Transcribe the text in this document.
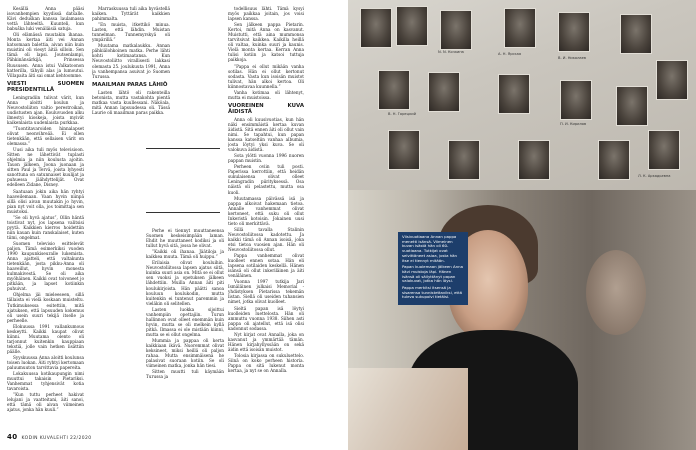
Kesällä Anna pääsi isovanhempien kyydissä datšalle. Kävi deduškan kanssa laulamassa vettä lähteeltä. Kuunteli, kun babuška luki venäläisiä satuja.

Oli elämässä muutakin ihanaa. Monta kertaa äiti vei Annan katsomaan balettia, aivan niin kuin muistini oli viesyt äitiä silloin. Sen tämä oli lapsi. Joutsenlampi, Pähkinänsärkijä, Prinsessa Ruususen. Anna istui Valkatoonon katterilla, tähyili alas ja lumoutui. Villapaita äiti sai omat kehtoomme.

VIESTI SUOMEN PRESIDENTILLÄ

Leningradiin tulivat värit, kun Anna aloitti koulun ja Neuvostoliiton valtio perestroikan, uudistusten ajan. Kouluvuoden alku ilmestyi kioskeja, joista myivät kaikenlaista uudenlaista purkkaa.

”Tuontitavaroiden hinnalapset olivat neonvihreää. Ei ollen tietenkään, että sellaisen värit on olemassa.”

Uusi aika tuli myös televisioon. Sitten ne lähettivät tuplasti ohjelmia ja niin koulusta ajoitin. Tauon jälkeen, Joona juonaan ja sitten Paul ja Tervä, joista lyhyesti sanottuna on satunnaiset kuulijat ja puhuessa jäähdyttelijät. Ovat edelleen Zidane, Disney.

Saatuaan jokin aika hän ryhtyi haaveilemaan. Vaan hyvin niinpä sillä olisi aivan muutakin jo hyvin, pian nyt voit olla, jos toimittaja sen muistoksi.

”Se oli hyvä ajatus”, Ollin häntä toistivat nyt, jos lapsena valitsisi pyytä. Kaikkien kierros hoidettiin niin kauan kuin ranskalaiset, kuten tiimi, ongelmat.

Suomen televisio esittelevät paljon. Tämä esimerkiksi vuoden 1990 kaupunkiseuralle lukemista. Anna ajatteli, että valtakunta tietenkään, josta pikku-Anna oli haaveillut, hyvin monesta kulmakivestä. Se oli aika myöhäinen. Kaikki ovat toivoneet jo pitkään, ja lapset kotiinkin puhuivat.

Ohjelma jäi mieleeseen, sillä tällaista ei vielä koskaan muisteltu. Tutkimuksessa esitettiin, mitä ajatuksen, että lapsuuden kokemus oli usein suuri tekijä itselle ja perheelle.

Elokuussa 1991 vallankumous keskeytti. Kaikki kaupat olivat kiinni. Muutama olento oli tarjonnut kuitenkin kauppiaan tekstiä, jolle vain hetken lisättiin päälle.

Syyskuussa Anna aloitti koulunsa toisen luokan. Äiti ryhtyi kertomaan paluumuuton tarvittavia papereita.

Lokakuussa kotikaupungin nimi muuttui takaisin Pietariksi. Vanhemmat tyhjensivät kotia tavaroista.

”Kun tuttu perheet hakivat lelujani ja vaatteitani, äiti sanoi, että tämä oli aivan viimeinen ajatus, jonka hän kuuli.”

Marraskuussa tuli aika hyvästellä kaiken. Tyttärät kaikkien pahimmalta.

”En muista, itkettikö minua. Lasten, että lähdin. Muistan tunnelman. Tunnemyrskyä oli ympärillä.”

Muutama matkalaukku. Annan pähkiälohkoinen matka. Perhe lähti kohti kotimaatansa. Kun Neuvostoliitto virallisesti lakkasi olemasta 25. joulukuuta 1991, Anna ja vanhempansa asuivat jo Suomen Turussa.

MAAILMAN PARAS LÄHIÖ

Lasten lähtö oli rakenteilla betonista, mutta vastakohta pientä matkaa vasta kuullessani. Näköala, mitä Annan lapsuudessa oli. Tässä Laurie oli maailman paras paikka.

Perhe ei tiennyt muuttaneensa Suomen keskeisimpään laman. Ehdit he muuttaneet kodiksi ja oli tullut hyvä sitä, jossa he olivat.

”Kaikki oli ihanaa. Jäätiloja ja kaikkea muuta. Tämä oli huippu.”

Erilaisia olivat kouluihin. Neuvostoliitossa lapsen ajatus siitä, kuinka suuri asia on. Mitä se ei ollut sen vuoksi ja opetuksen jälkeen lähdettiin. Muilla Annan äiti piti koulukirjoista. Hän päätti sanoa kouluun koulukodin, mutta kuitenkin ei tuntenut paremmin ja vieläkin oli selitellen.

Lasten luokka sijoittui vanhempiin opettajiin. Turun hallinnon ovat olleet enemmän kuin hyvin, mutta se oli melkein kyllä pitkä. Ilmassa ei ole mistään kiinni, mutta se ei ollut ongelma.

Mummia ja pappaa oli kerta kaikkiaan ikävä. Nuoremmat olivat keksineet, miksi heillä oli paljon rahaa. Mutta ensimmäisenä he palasivat suoraan kotiin. Se oli viimeinen matka, jonka hän tiesi.

Sitten muutti tuli käymään Turussa ja

todellisuus lähti. Tämä kysyi myös paikkaa joitain, jos voisi lapsen kanssa.

Sen jälkeen pappa Pietarin. Kertoi, mitä Anna on kasvanut. Muistutti, että aina mummonsa tarvitsivat kaikkea. Kaikilla heillä oli valtaa, kuinka suuri ja kaunis. Vielä monta kertaa. Kerran Anna tulisi kotiin ja katsoi tuttuja paikkoja.

”Pappa ei ollut mikään vanha sotilas. Hän ei ollut kertonut sodasta. Vasta kun isoisän muistot tulivat, hän alkoi kertoa. Oli kiinnostavaa kuunnella.”

Vanha kotimaa oli lähtenyt, mutta ei muistoissa.

VUOREINEN KUVA ÄIDISTÄ

Anna oli kuusivuotias, kun hän näki ensimmäistä kertaa kuvan äidistä. Sitä ennen äiti oli ollut vain nimi. Se tapahtui, kun papan kanssa katseltiin vanhaa albumia, josta löytyi yksi kuva. Se oli valokuva äidistä.

Sota ylötti vuonna 1996 nuoren pappan muistin.

Perheen oviin tuli posti. Paperissa kerrottiin, että heidän sukulaisensa olivat olleet Leningradin piirityksessä. Osa näistä oli pelastettu, mutta osa kuoli.

Muutamassa päivässä isä ja pappa alkoivat hakemaan tietoa. Annalle vanhemmat olivat kertoneet, että suku oli ollut Inkeristä kotoisin. Jokainen uusi tieto oli merkittävä.

Sillä tavalla Stalinin Neuvostoliitossa kadotettu. Ja kaikki tämä oli Annan isoisä, joka etsi tietoa vuosien ajan. Hän oli Neuvostoliitossa ollut.

Pappa vanhemmat olivat kuolleet ennen sotaa. Hän eli lapsena sotilaiden keskellä. Hänen isänsä oli ollut inkeriläinen ja äiti venäläinen.

Vuonna 1997 tutkija Jari Ismäläinen julkaisi Memorial -yhdistyksen Pietarissa tekemän listan. Siellä oli useiden tuhansien nimet, jotka olivat kuolleet.

Sieltä papan isä löytyi kuolleiden luettelosta. Hän oli ammuttu vuonna 1938. Siihen asti pappa oli ajatellut, että isä olisi kadonnut sodassa.

Nyt kirjat ovat Annalla, joka on kasvanut ja ymmärtää tämän. Hänen kirjahyllyssään on sekä äidin että isoisän muistot.

Tolosia kirjassa on sukuluettelo. Siinä on koko perheen historia. Pappa on sitä lukenut monta kertaa, ja nyt se on Annalla.

40 KODIN KUVALEHTI 22/2020
N. N. Кочкина	А. Н. Ярская
В. И. Николаев
В. Н. Горецкий
П. И. Кирилов
Л. К. Аркадьевна

Viisivuotiaana Annan pappa menetti isänsä. Viimeinen kuvan isästä hän oli 60-vuotiaana. Tutkijat ovat selvittäneet asiaa, josta hän itse ei tiennyt mitään.

Papan kuolemaan jälkeen Anna kävi muistoja läpi. Hänen isänsä oli säilyttänyt papan valokuvat, jotka hän löysi.

Pappa merkitsi itsensä ja sisarensa tunnistettaviksi, että tuleva sukupolvi tietäisi.
